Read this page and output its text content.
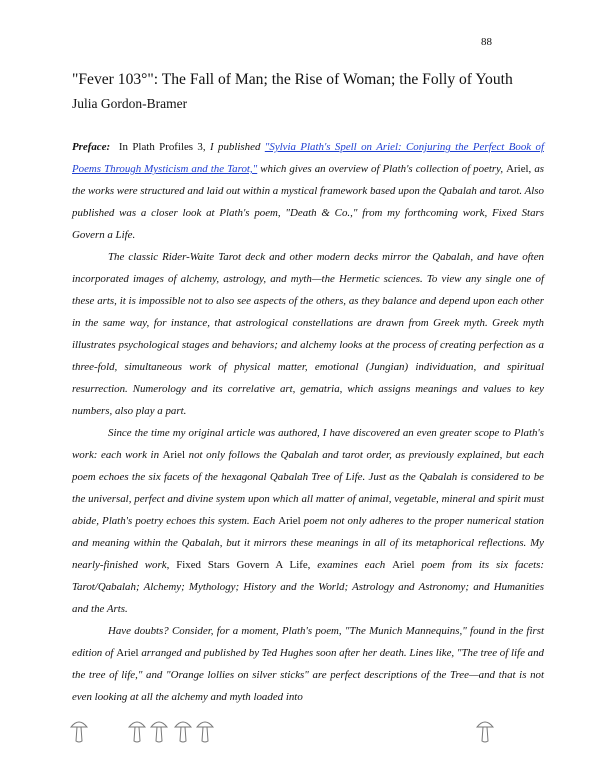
88
"Fever 103°": The Fall of Man; the Rise of Woman; the Folly of Youth
Julia Gordon-Bramer

Preface: In Plath Profiles 3, I published "Sylvia Plath's Spell on Ariel: Conjuring the Perfect Book of Poems Through Mysticism and the Tarot," which gives an overview of Plath's collection of poetry, Ariel, as the works were structured and laid out within a mystical framework based upon the Qabalah and tarot. Also published was a closer look at Plath's poem, "Death & Co.," from my forthcoming work, Fixed Stars Govern a Life.

The classic Rider-Waite Tarot deck and other modern decks mirror the Qabalah, and have often incorporated images of alchemy, astrology, and myth—the Hermetic sciences. To view any single one of these arts, it is impossible not to also see aspects of the others, as they balance and depend upon each other in the same way, for instance, that astrological constellations are drawn from Greek myth. Greek myth illustrates psychological stages and behaviors; and alchemy looks at the process of creating perfection as a three-fold, simultaneous work of physical matter, emotional (Jungian) individuation, and spiritual resurrection. Numerology and its correlative art, gematria, which assigns meanings and values to key numbers, also play a part.

Since the time my original article was authored, I have discovered an even greater scope to Plath's work: each work in Ariel not only follows the Qabalah and tarot order, as previously explained, but each poem echoes the six facets of the hexagonal Qabalah Tree of Life. Just as the Qabalah is considered to be the universal, perfect and divine system upon which all matter of animal, vegetable, mineral and spirit must abide, Plath's poetry echoes this system. Each Ariel poem not only adheres to the proper numerical station and meaning within the Qabalah, but it mirrors these meanings in all of its metaphorical reflections. My nearly-finished work, Fixed Stars Govern A Life, examines each Ariel poem from its six facets: Tarot/Qabalah; Alchemy; Mythology; History and the World; Astrology and Astronomy; and Humanities and the Arts.

Have doubts? Consider, for a moment, Plath's poem, "The Munich Mannequins," found in the first edition of Ariel arranged and published by Ted Hughes soon after her death. Lines like, "The tree of life and the tree of life," and "Orange lollies on silver sticks" are perfect descriptions of the Tree—and that is not even looking at all the alchemy and myth loaded into
